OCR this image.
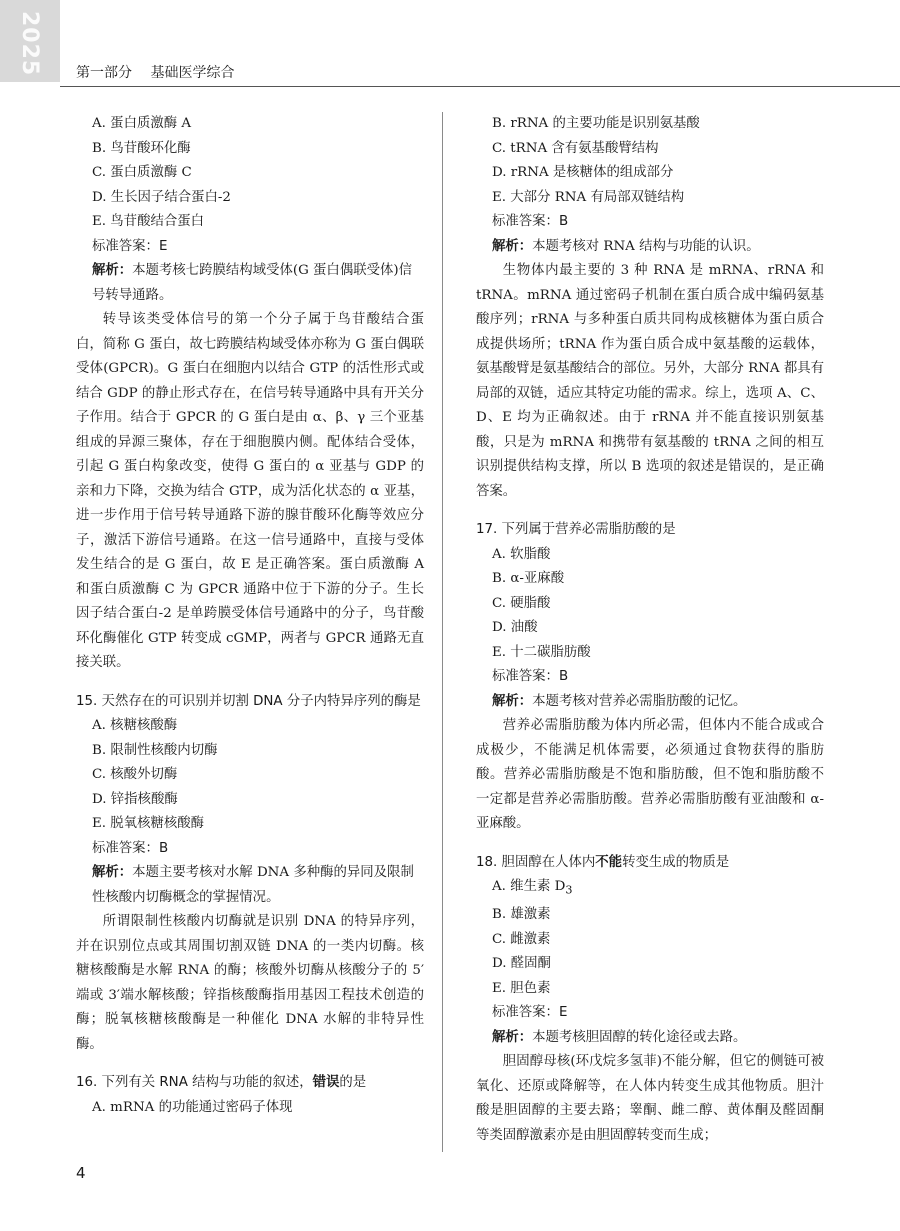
2025 第一部分 基础医学综合
A. 蛋白质激酶 A
B. 鸟苷酸环化酶
C. 蛋白质激酶 C
D. 生长因子结合蛋白-2
E. 鸟苷酸结合蛋白
标准答案：E
解析：本题考核七跨膜结构域受体(G 蛋白偶联受体)信号转导通路。
转导该类受体信号的第一个分子属于鸟苷酸结合蛋白，简称 G 蛋白，故七跨膜结构域受体亦称为 G 蛋白偶联受体(GPCR)。G 蛋白在细胞内以结合 GTP 的活性形式或结合 GDP 的静止形式存在，在信号转导通路中具有开关分子作用。结合于 GPCR 的 G 蛋白是由 α、β、γ 三个亚基组成的异源三聚体，存在于细胞膜内侧。配体结合受体，引起 G 蛋白构象改变，使得 G 蛋白的 α 亚基与 GDP 的亲和力下降，交换为结合 GTP，成为活化状态的 α 亚基，进一步作用于信号转导通路下游的腺苷酸环化酶等效应分子，激活下游信号通路。在这一信号通路中，直接与受体发生结合的是 G 蛋白，故 E 是正确答案。蛋白质激酶 A 和蛋白质激酶 C 为 GPCR 通路中位于下游的分子。生长因子结合蛋白-2 是单跨膜受体信号通路中的分子，鸟苷酸环化酶催化 GTP 转变成 cGMP，两者与 GPCR 通路无直接关联。
15. 天然存在的可识别并切割 DNA 分子内特异序列的酶是
A. 核糖核酸酶
B. 限制性核酸内切酶
C. 核酸外切酶
D. 锌指核酸酶
E. 脱氧核糖核酸酶
标准答案：B
解析：本题主要考核对水解 DNA 多种酶的异同及限制性核酸内切酶概念的掌握情况。
所谓限制性核酸内切酶就是识别 DNA 的特异序列，并在识别位点或其周围切割双链 DNA 的一类内切酶。核糖核酸酶是水解 RNA 的酶；核酸外切酶从核酸分子的 5′端或 3′端水解核酸；锌指核酸酶指用基因工程技术创造的酶；脱氧核糖核酸酶是一种催化 DNA 水解的非特异性酶。
16. 下列有关 RNA 结构与功能的叙述，错误的是
A. mRNA 的功能通过密码子体现
B. rRNA 的主要功能是识别氨基酸
C. tRNA 含有氨基酸臂结构
D. rRNA 是核糖体的组成部分
E. 大部分 RNA 有局部双链结构
标准答案：B
解析：本题考核对 RNA 结构与功能的认识。
生物体内最主要的 3 种 RNA 是 mRNA、rRNA 和 tRNA。mRNA 通过密码子机制在蛋白质合成中编码氨基酸序列；rRNA 与多种蛋白质共同构成核糖体为蛋白质合成提供场所；tRNA 作为蛋白质合成中氨基酸的运载体，氨基酸臂是氨基酸结合的部位。另外，大部分 RNA 都具有局部的双链，适应其特定功能的需求。综上，选项 A、C、D、E 均为正确叙述。由于 rRNA 并不能直接识别氨基酸，只是为 mRNA 和携带有氨基酸的 tRNA 之间的相互识别提供结构支撑，所以 B 选项的叙述是错误的，是正确答案。
17. 下列属于营养必需脂肪酸的是
A. 软脂酸
B. α-亚麻酸
C. 硬脂酸
D. 油酸
E. 十二碳脂肪酸
标准答案：B
解析：本题考核对营养必需脂肪酸的记忆。
营养必需脂肪酸为体内所必需，但体内不能合成或合成极少，不能满足机体需要，必须通过食物获得的脂肪酸。营养必需脂肪酸是不饱和脂肪酸，但不饱和脂肪酸不一定都是营养必需脂肪酸。营养必需脂肪酸有亚油酸和 α-亚麻酸。
18. 胆固醇在人体内不能转变生成的物质是
A. 维生素 $D_3$
B. 雄激素
C. 雌激素
D. 醛固酮
E. 胆色素
标准答案：E
解析：本题考核胆固醇的转化途径或去路。
胆固醇母核(环戊烷多氢菲)不能分解，但它的侧链可被氧化、还原或降解等，在人体内转变生成其他物质。胆汁酸是胆固醇的主要去路；睾酮、雌二醇、黄体酮及醛固酮等类固醇激素亦是由胆固醇转变而生成；
4
